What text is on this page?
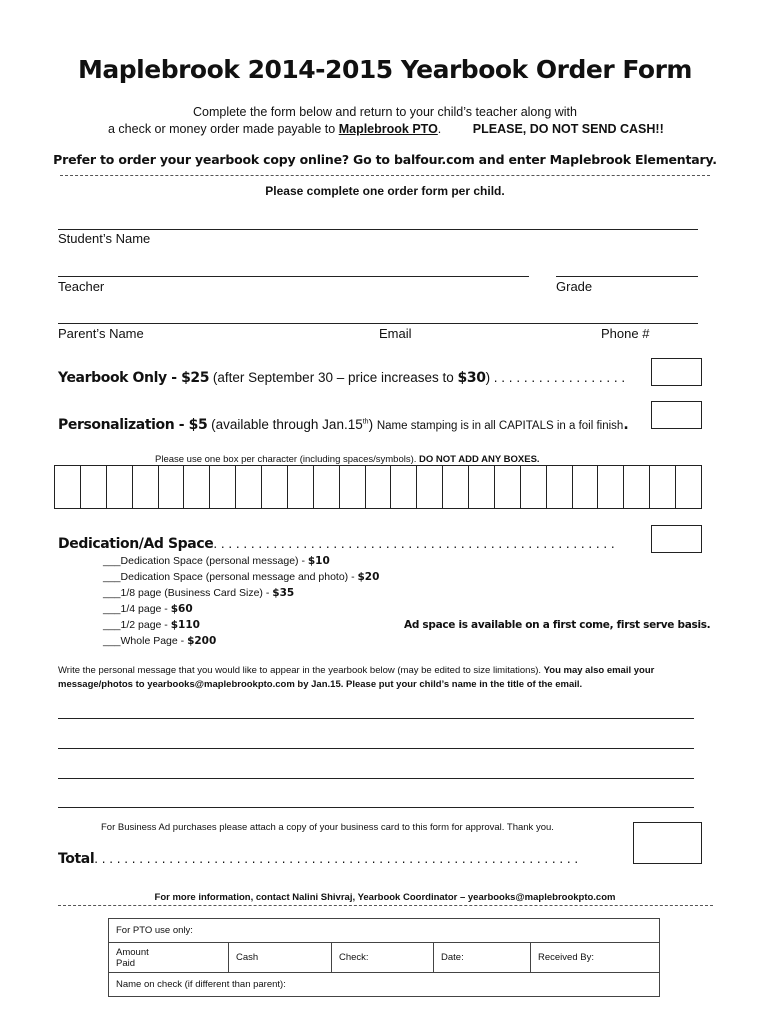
Maplebrook 2014-2015 Yearbook Order Form
Complete the form below and return to your child’s teacher along with
a check or money order made payable to Maplebrook PTO.	PLEASE, DO NOT SEND CASH!!
Prefer to order your yearbook copy online? Go to balfour.com and enter Maplebrook Elementary.
Please complete one order form per child.
Student’s Name
Teacher	Grade
Parent’s Name	Email	Phone #
Yearbook Only - $25 (after September 30 – price increases to $30) . . . . . . . . . . . . . . . . . .
Personalization - $5 (available through Jan.15th) Name stamping is in all CAPITALS in a foil finish.
Please use one box per character (including spaces/symbols). DO NOT ADD ANY BOXES.
Dedication/Ad Space. . . . . . . . . . . . . . . . . . . . . . . . . . . . . . . . . . . . . . . . . . . . . . . . . . . . . .
___Dedication Space (personal message) - $10
___Dedication Space (personal message and photo) - $20
___1/8 page (Business Card Size) - $35
___1/4 page - $60
___1/2 page - $110
___Whole Page - $200
Ad space is available on a first come, first serve basis.
Write the personal message that you would like to appear in the yearbook below (may be edited to size limitations). You may also email your
message/photos to yearbooks@maplebrookpto.com by Jan.15. Please put your child’s name in the title of the email.
For Business Ad purchases please attach a copy of your business card to this form for approval. Thank you.
Total. . . . . . . . . . . . . . . . . . . . . . . . . . . . . . . . . . . . . . . . . . . . . . . . . . . . . . . . . . . . . . . . .
For more information, contact Nalini Shivraj, Yearbook Coordinator – yearbooks@maplebrookpto.com
For PTO use only:
Amount
Paid	Cash	Check:	Date:	Received By:
Name on check (if different than parent):
